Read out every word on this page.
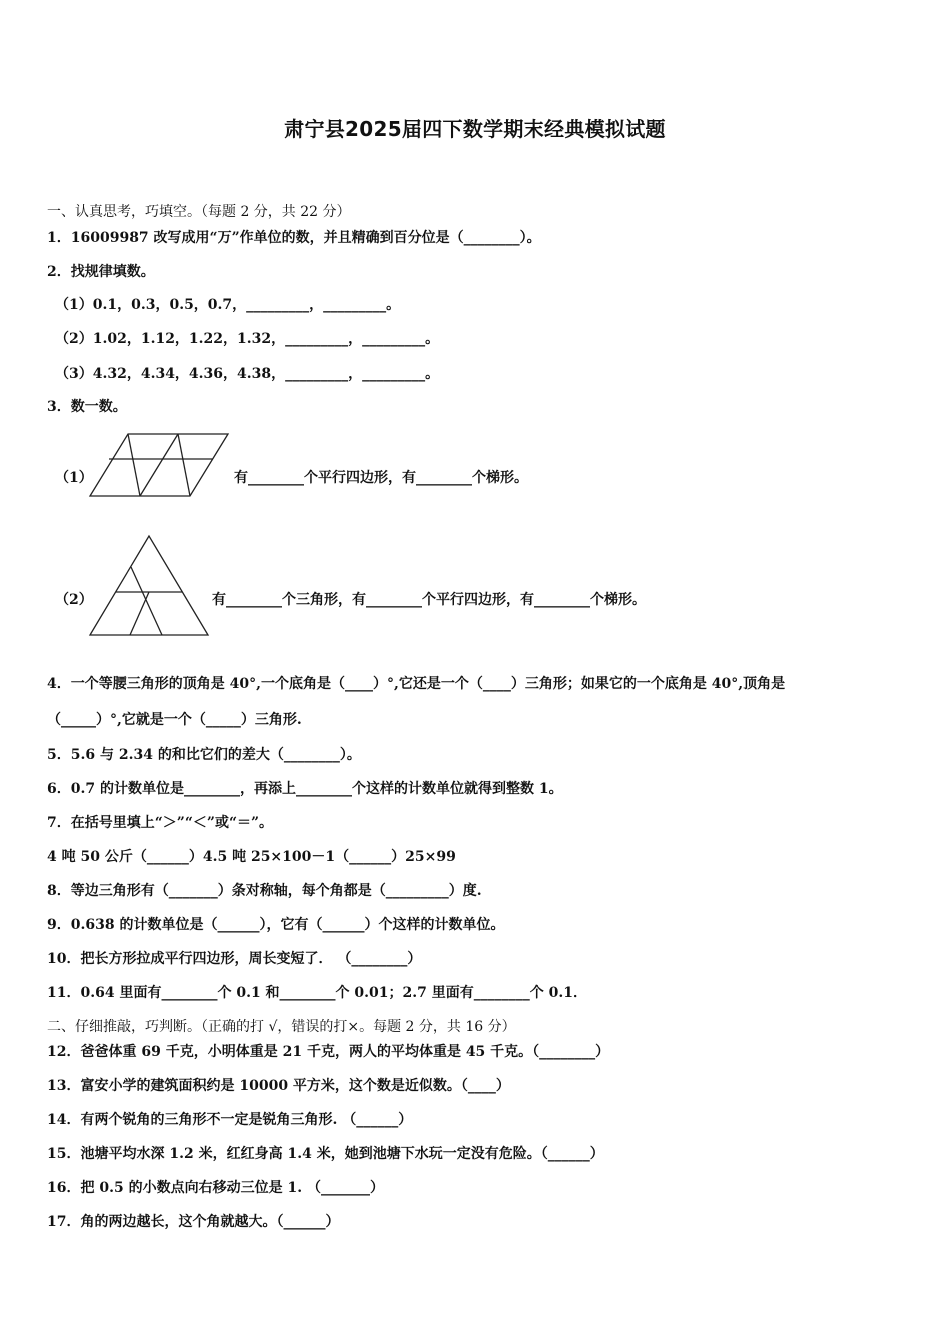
肃宁县2025届四下数学期末经典模拟试题
一、认真思考，巧填空。（每题 2 分，共 22 分）
1．16009987 改写成用“万”作单位的数，并且精确到百分位是（________）。
2．找规律填数。
（1）0.1，0.3，0.5，0.7，_________，_________。
（2）1.02，1.12，1.22，1.32，_________，_________。
（3）4.32，4.34，4.36，4.38，_________，_________。
3．数一数。
（1）	有________个平行四边形，有________个梯形。
（2）	有________个三角形，有________个平行四边形，有________个梯形。
4．一个等腰三角形的顶角是 40°,一个底角是（____）°,它还是一个（____）三角形；如果它的一个底角是 40°,顶角是
（_____）°,它就是一个（_____）三角形.
5．5.6 与 2.34 的和比它们的差大（________）。
6．0.7 的计数单位是________，再添上________个这样的计数单位就得到整数 1。
7．在括号里填上“＞”“＜”或“＝”。
4 吨 50 公斤（______）4.5 吨 25×100－1（______）25×99
8．等边三角形有（_______）条对称轴，每个角都是（_________）度.
9．0.638 的计数单位是（______），它有（______）个这样的计数单位。
10．把长方形拉成平行四边形，周长变短了． （________）
11．0.64 里面有________个 0.1 和________个 0.01；2.7 里面有________个 0.1．
二、仔细推敲，巧判断。（正确的打 √，错误的打×。每题 2 分，共 16 分）
12．爸爸体重 69 千克，小明体重是 21 千克，两人的平均体重是 45 千克。（________）
13．富安小学的建筑面积约是 10000 平方米，这个数是近似数。（____）
14．有两个锐角的三角形不一定是锐角三角形. （______）
15．池塘平均水深 1.2 米，红红身高 1.4 米，她到池塘下水玩一定没有危险。（______）
16．把 0.5 的小数点向右移动三位是 1. （_______）
17．角的两边越长，这个角就越大。（______）
